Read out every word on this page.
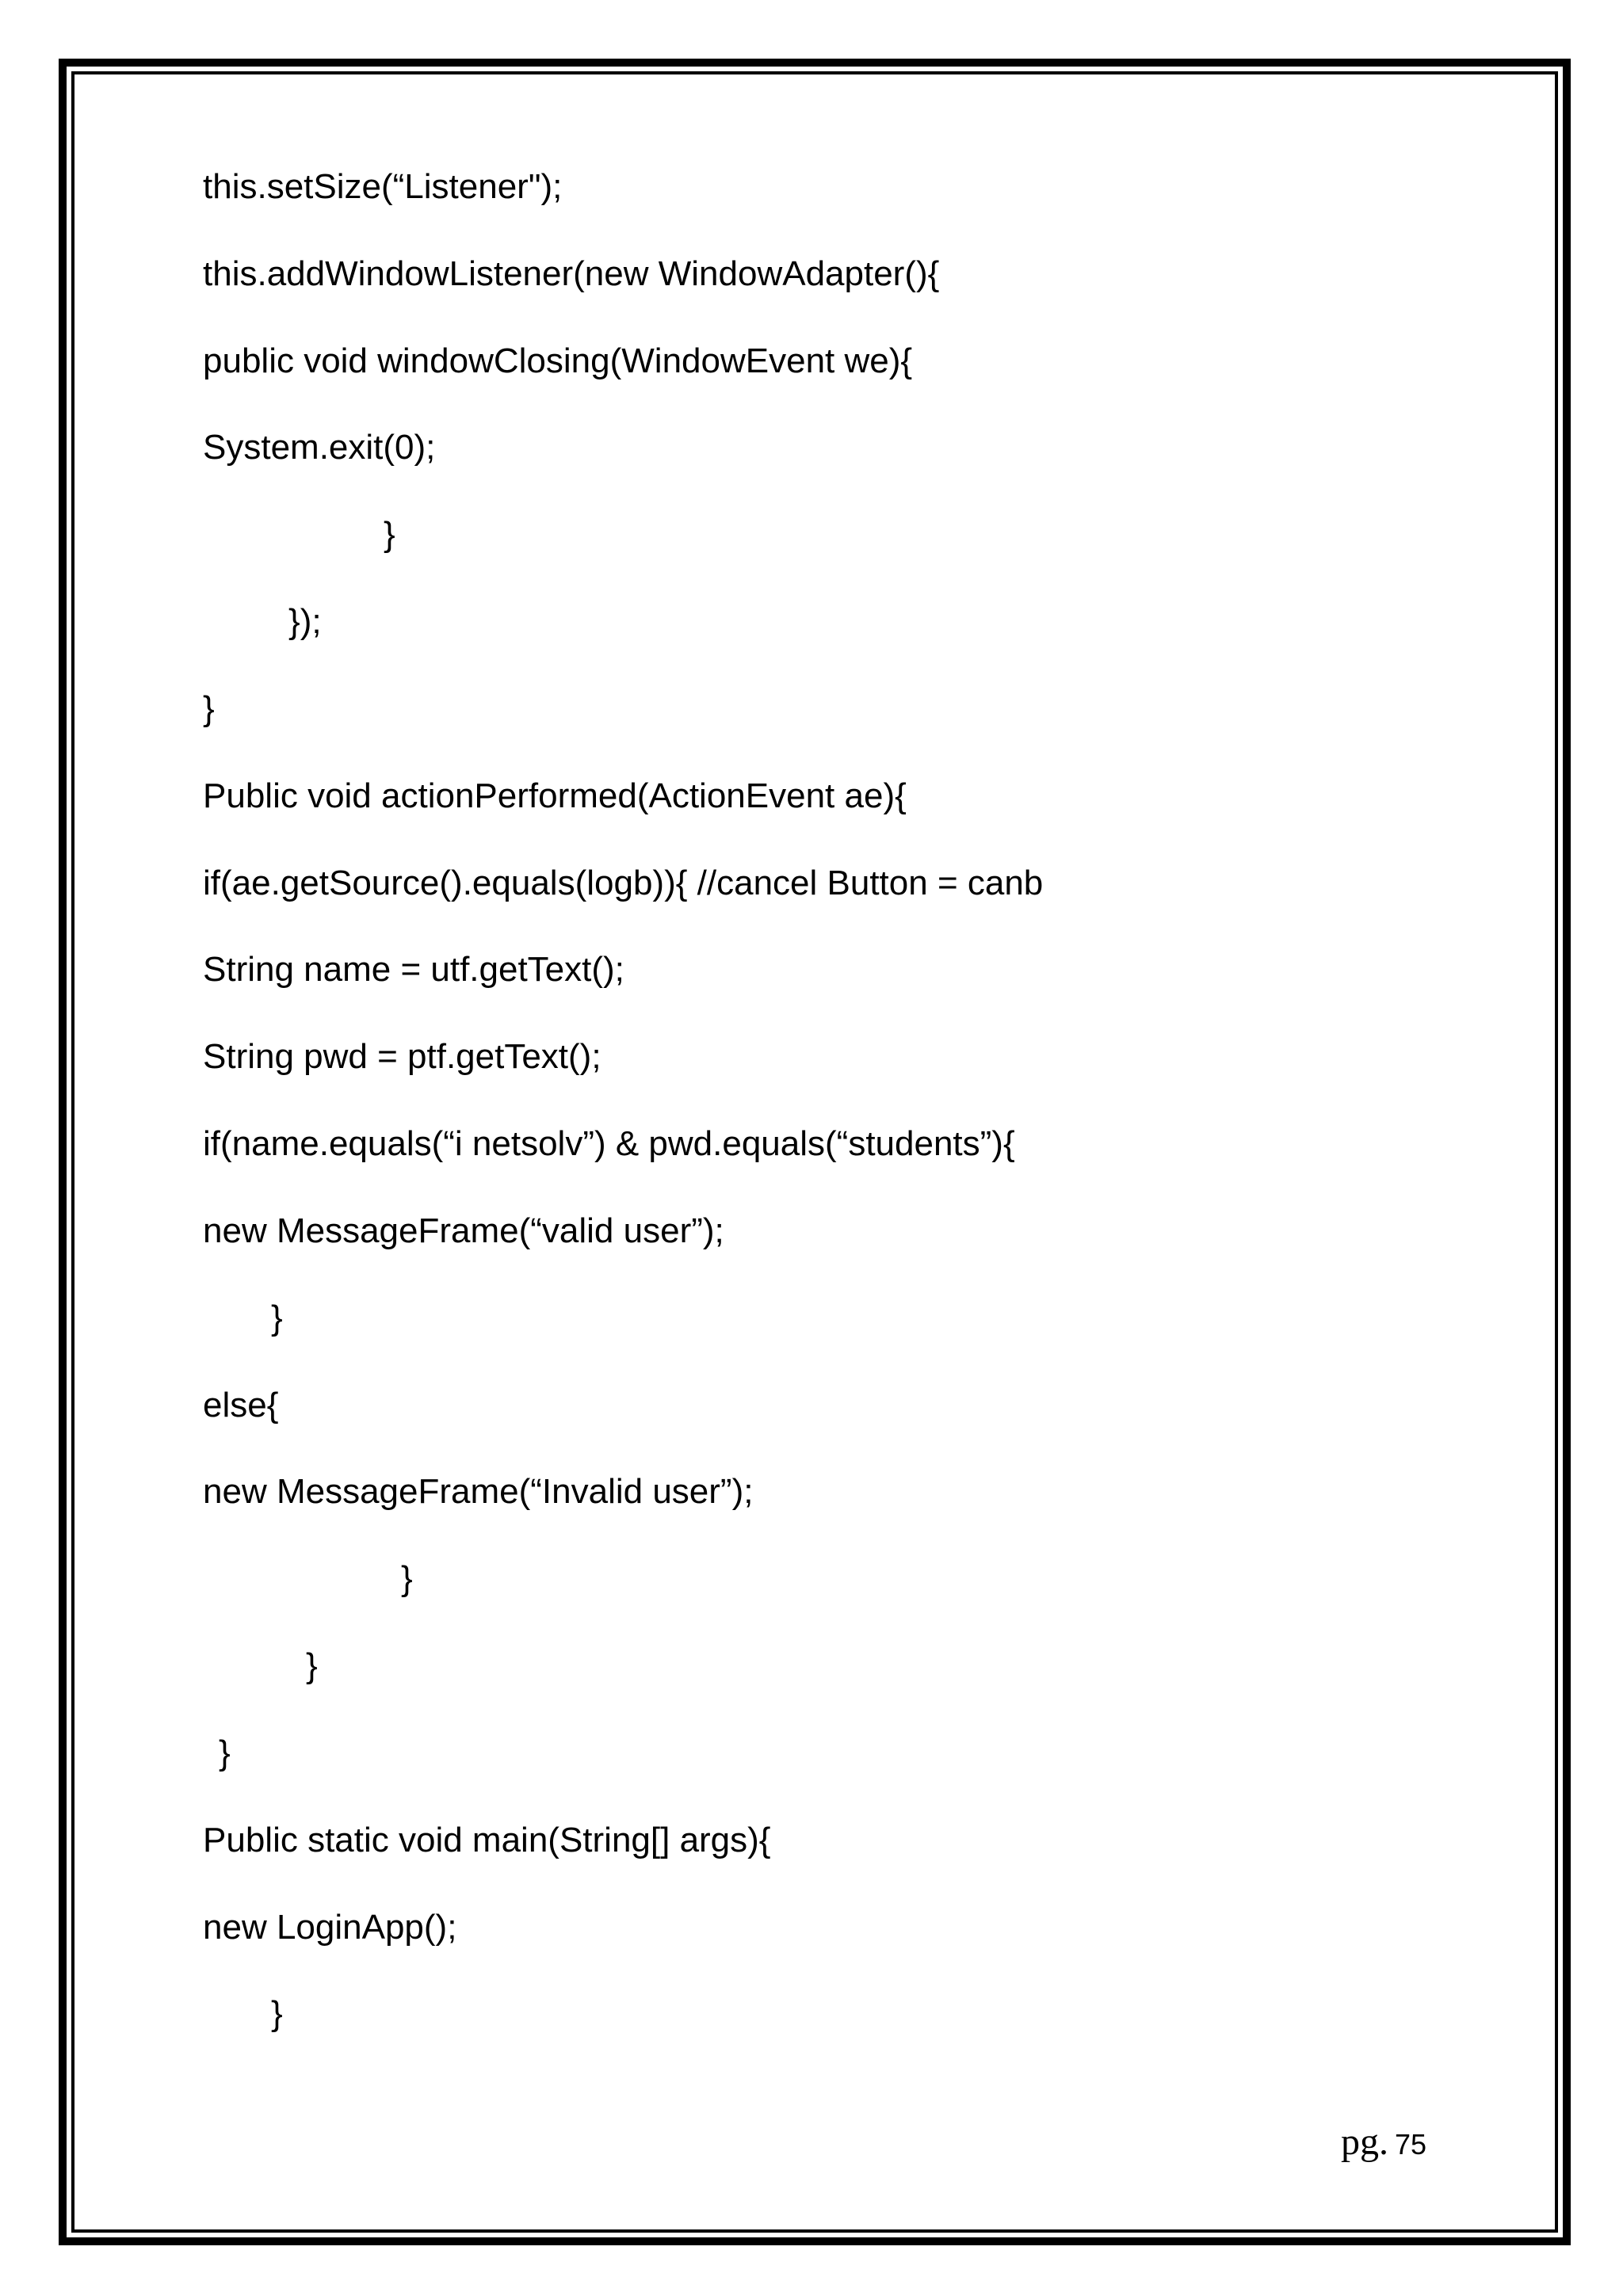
this.setSize(“Listener");
this.addWindowListener(new WindowAdapter(){
public void windowClosing(WindowEvent we){
System.exit(0);
}
});
}
Public void actionPerformed(ActionEvent ae){
if(ae.getSource().equals(logb)){ //cancel Button = canb
String name = utf.getText();
String pwd = ptf.getText();
if(name.equals(“i netsolv”) & pwd.equals(“students”){
new MessageFrame(“valid user”);
}
else{
new MessageFrame(“Invalid user”);
}
}
}
Public static void main(String[] args){
new LoginApp();
}
pg. 75
